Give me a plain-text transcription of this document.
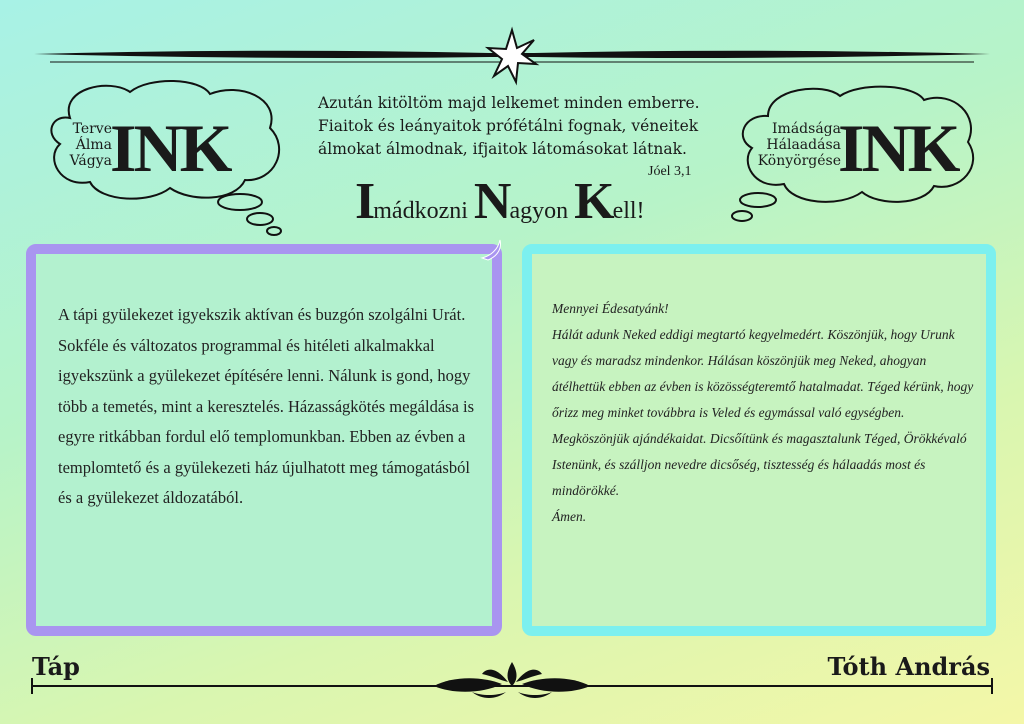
Terve
Álma
Vágya
INK	Imádsága
Hálaadása
Könyörgése
INK
Azután kitöltöm majd lelkemet minden emberre.
Fiaitok és leányaitok prófétálni fognak, véneitek
álmokat álmodnak, ifjaitok látomásokat látnak.
Jóel 3,1
Imádkozni Nagyon Kell!
A tápi gyülekezet igyekszik aktívan és buzgón szolgálni Urát. Sokféle és változatos programmal és hitéleti alkalmakkal igyekszünk a gyülekezet építésére lenni. Nálunk is gond, hogy több a temetés, mint a keresztelés. Házasságkötés megáldása is egyre ritkábban fordul elő templomunkban. Ebben az évben a templomtető és a gyülekezeti ház újulhatott meg támogatásból és a gyülekezet áldozatából.
Mennyei Édesatyánk!
Hálát adunk Neked eddigi megtartó kegyelmedért. Köszönjük, hogy Urunk vagy és maradsz mindenkor. Hálásan köszönjük meg Neked, ahogyan átélhettük ebben az évben is közösségteremtő hatalmadat. Téged kérünk, hogy őrizz meg minket továbbra is Veled és egymással való egységben.
Megköszönjük ajándékaidat. Dicsőítünk és magasztalunk Téged, Örökkévaló Istenünk, és szálljon nevedre dicsőség, tisztesség és hálaadás most és mindörökké.
Ámen.
Táp	Tóth András
